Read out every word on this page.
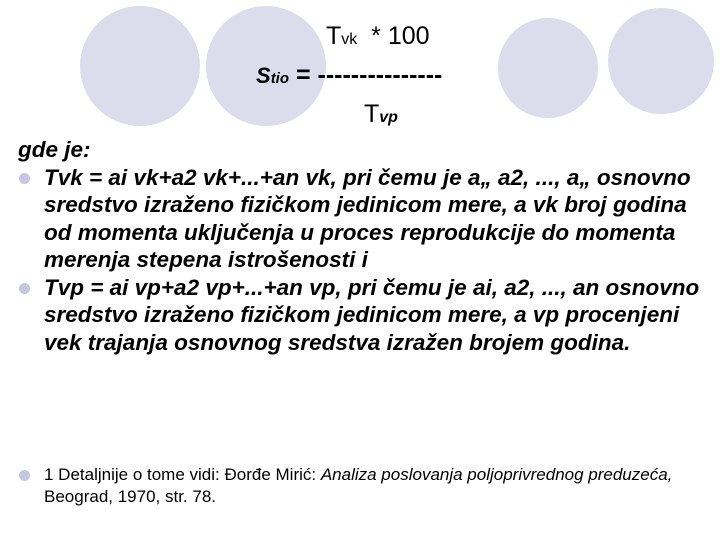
Tvk  * 100
Stio = ---------------
Tvp

gde je:

Tvk = ai vk+a2 vk+...+an vk, pri čemu je a„ a2, ..., a„ osnovno sredstvo izraženo fizičkom jedinicom mere, a vk broj godina od momenta uključenja u proces reprodukcije do momenta merenja stepena istrošenosti i

Tvp = ai vp+a2 vp+...+an vp, pri čemu je ai, a2, ..., an osnovno sredstvo izraženo fizičkom jedinicom mere, a vp procenjeni vek trajanja osnovnog sredstva izražen brojem godina.

1 Detaljnije o tome vidi: Đorđe Mirić: Analiza poslovanja poljoprivrednog preduzeća, Beograd, 1970, str. 78.
